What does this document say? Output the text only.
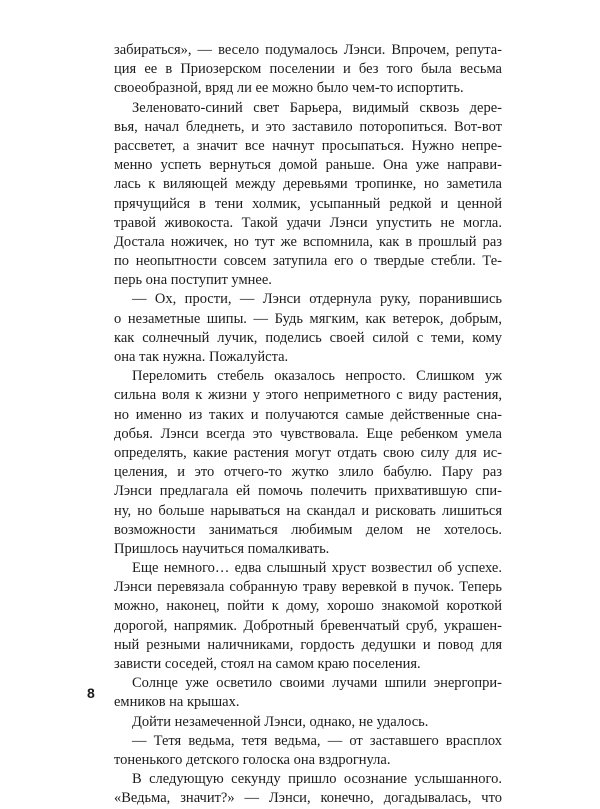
забираться», — весело подумалось Лэнси. Впрочем, репута-
ция ее в Приозерском поселении и без того была весьма
своеобразной, вряд ли ее можно было чем-то испортить.
Зеленовато-синий свет Барьера, видимый сквозь дере-
вья, начал бледнеть, и это заставило поторопиться. Вот-вот
рассветет, а значит все начнут просыпаться. Нужно непре-
менно успеть вернуться домой раньше. Она уже направи-
лась к виляющей между деревьями тропинке, но заметила
прячущийся в тени холмик, усыпанный редкой и ценной
травой живокоста. Такой удачи Лэнси упустить не могла.
Достала ножичек, но тут же вспомнила, как в прошлый раз
по неопытности совсем затупила его о твердые стебли. Те-
перь она поступит умнее.
— Ох, прости, — Лэнси отдернула руку, поранившись
о незаметные шипы. — Будь мягким, как ветерок, добрым,
как солнечный лучик, поделись своей силой с теми, кому
она так нужна. Пожалуйста.
Переломить стебель оказалось непросто. Слишком уж
сильна воля к жизни у этого неприметного с виду растения,
но именно из таких и получаются самые действенные сна-
добья. Лэнси всегда это чувствовала. Еще ребенком умела
определять, какие растения могут отдать свою силу для ис-
целения, и это отчего-то жутко злило бабулю. Пару раз
Лэнси предлагала ей помочь полечить прихватившую спи-
ну, но больше нарываться на скандал и рисковать лишиться
возможности заниматься любимым делом не хотелось.
Пришлось научиться помалкивать.
Еще немного… едва слышный хруст возвестил об успехе.
Лэнси перевязала собранную траву веревкой в пучок. Теперь
можно, наконец, пойти к дому, хорошо знакомой короткой
дорогой, напрямик. Добротный бревенчатый сруб, украшен-
ный резными наличниками, гордость дедушки и повод для
зависти соседей, стоял на самом краю поселения.
Солнце уже осветило своими лучами шпили энергопри-
емников на крышах.
Дойти незамеченной Лэнси, однако, не удалось.
— Тетя ведьма, тетя ведьма, — от заставшего врасплох
тоненького детского голоска она вздрогнула.
В следующую секунду пришло осознание услышанного.
«Ведьма, значит?» — Лэнси, конечно, догадывалась, что
8
